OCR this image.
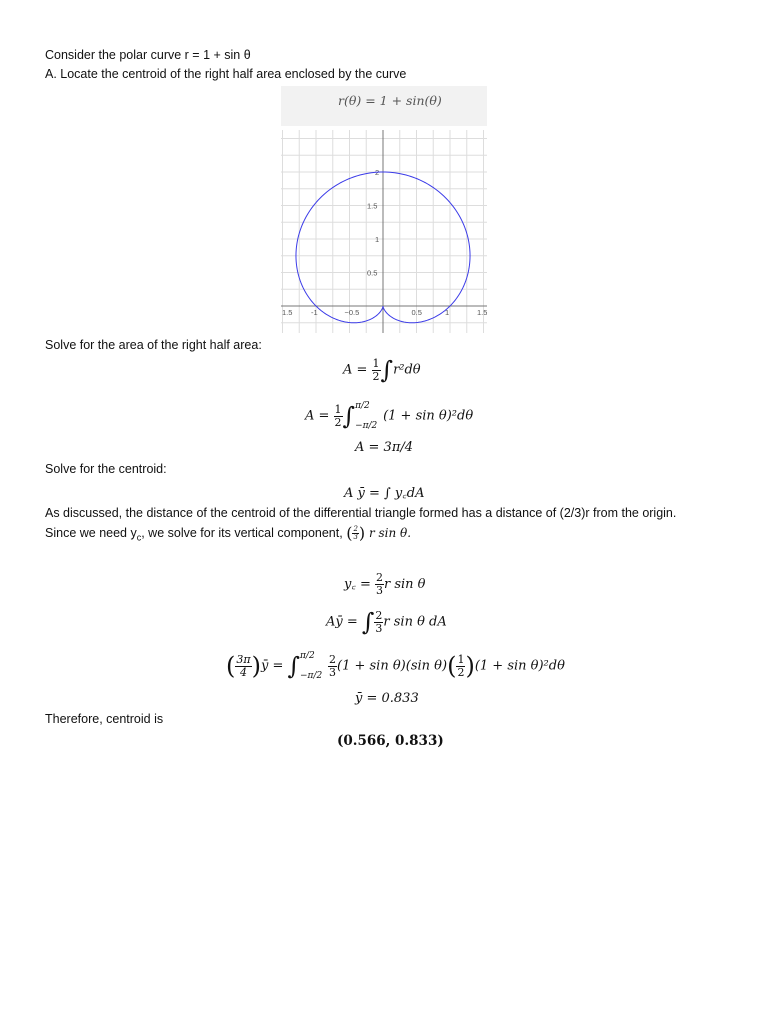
Consider the polar curve r = 1 + sin θ
A. Locate the centroid of the right half area enclosed by the curve
r(θ) = 1 + sin(θ)
1.5 -1	−0.5	0.5	1	1.5
2
1.5
1
0.5
Solve for the area of the right half area:
$A = \frac{1}{2} \int r^2d\theta$
$A = \frac{1}{2}$ ∫ π/2
−π/2
(1 + sin θ)²dθ
A = 3π/4
Solve for the centroid:
A ȳ = ∫ y꜀dA
As discussed, the distance of the centroid of the differential triangle formed has a distance of (2/3)r from the origin.
Since we need $y_c$, we solve for its vertical component, ( $\frac{2}{3}$ ) r sin θ.
y꜀ = $\frac{2}{3}$ r sin θ
Aȳ = ∫ $\frac{2}{3}$ r sin θ dA
( $\frac{3\pi}{4}$ )ȳ = ∫ π/2
$-\pi/2 \frac{2}{3} (1 + \sin \theta)(\sin$ $\theta)( \frac{1}{2} )(1 + \sin \theta)^2d\theta$
ȳ = 0.833
Therefore, centroid is
(0.566, 0.833)
